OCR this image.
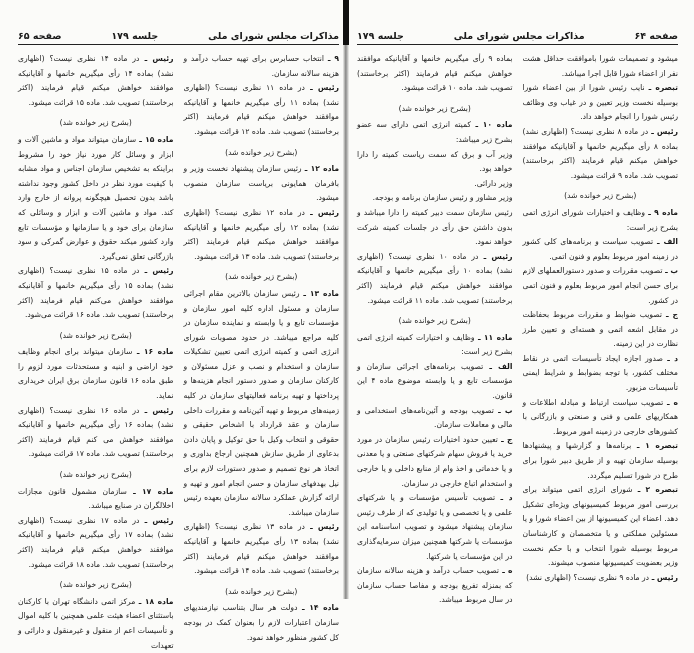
مذاکرات مجلس شورای ملی
جلسه ۱۷۹
صفحه ۶۵

۹ ـ انتخاب حسابرس برای تهیه حساب درآمد و هزینه سالانه سازمان.

رئیس ـ در ماده ۱۱ نظری نیست؟ (اظهاری نشد) بماده ۱۱ رأی میگیریم خانمها و آقایانیکه موافقند خواهش میکنم قیام فرمایند (اکثر برخاستند) تصویب شد. ماده ۱۲ قرائت میشود.

(بشرح زیر خوانده شد)

ماده ۱۲ ـ رئیس سازمان پیشنهاد نخست وزیر و بافرمان همایونی بریاست سازمان منصوب میشود.

رئیس ـ در ماده ۱۲ نظری نیست؟ (اظهاری نشد) بماده ۱۲ رأی میگیریم خانمها و آقایانیکه موافقند خواهش میکنم قیام فرمایند (اکثر برخاستند) تصویب شد. ماده ۱۳ قرائت میشود.

(بشرح زیر خوانده شد)

ماده ۱۳ ـ رئیس سازمان بالاترین مقام اجرائی سازمان و مسئول اداره کلیه امور سازمان و مؤسسات تابع و یا وابسته و نماینده سازمان در کلیه مراجع میباشد. در حدود مصوبات شورای انرژی اتمی و کمیته انرژی اتمی تعیین تشکیلات سازمان و استخدام و نصب و عزل مسئولان و کارکنان سازمان و صدور دستور انجام هزینه‌ها و پرداختها و تهیه برنامه فعالیتهای سازمان در کلیه زمینه‌های مربوط و تهیه آئین‌نامه و مقررات داخلی سازمان و عقد قرارداد با اشخاص حقیقی و حقوقی و انتخاب وکیل با حق توکیل و پایان دادن بدعاوی از طریق سازش همچنین ارجاع بداوری و اتخاذ هر نوع تصمیم و صدور دستورات لازم برای نیل بهدفهای سازمان و حسن انجام امور و تهیه و ارائه گزارش عملکرد سالانه سازمان بعهده رئیس سازمان میباشد.

رئیس ـ در ماده ۱۳ نظری نیست؟ (اظهاری نشد) بماده ۱۳ رأی میگیریم خانمها و آقایانیکه موافقند خواهش میکنم قیام فرمایند (اکثر برخاستند) تصویب شد. ماده ۱۴ قرائت میشود.

(بشرح زیر خوانده شد)

ماده ۱۴ ـ دولت هر سال بتناسب نیازمندیهای سازمان اعتبارات لازم را بعنوان کمک در بودجه کل کشور منظور خواهد نمود.

رئیس ـ در ماده ۱۴ نظری نیست؟ (اظهاری نشد) بماده ۱۴ رأی میگیریم خانمها و آقایانیکه موافقند خواهش میکنم قیام فرمایند (اکثر برخاستند) تصویب شد. ماده ۱۵ قرائت میشود.

(بشرح زیر خوانده شد)

ماده ۱۵ ـ سازمان میتواند مواد و ماشین آلات و ابزار و وسائل کار مورد نیاز خود را مشروط براینکه به تشخیص سازمان اجناس و مواد مشابه با کیفیت مورد نظر در داخل کشور وجود نداشته باشد بدون تحصیل هیچگونه پروانه از خارج وارد کند. مواد و ماشین آلات و ابزار و وسائلی که سازمان برای خود و یا سازمانها و مؤسسات تابع وارد کشور میکند حقوق و عوارض گمرکی و سود بازرگانی تعلق نمی‌گیرد.

رئیس ـ در ماده ۱۵ نظری نیست؟ (اظهاری نشد) بماده ۱۵ رأی میگیریم خانمها و آقایانیکه موافقند خواهش می‌کنم قیام فرمایند (اکثر برخاستند) تصویب شد. ماده ۱۶ قرائت می‌شود.

(بشرح زیر خوانده شد)

ماده ۱۶ ـ سازمان میتواند برای انجام وظایف خود اراضی و ابنیه و مستحدثات مورد لزوم را طبق ماده ۱۶ قانون سازمان برق ایران خریداری نماید.

رئیس ـ در ماده ۱۶ نظری نیست؟ (اظهاری نشد) بماده ۱۶ رأی میگیریم خانمها و آقایانیکه موافقند خواهش می کنم قیام فرمایند (اکثر برخاستند) تصویب شد. ماده ۱۷ قرائت میشود.

(بشرح زیر خوانده شد)

ماده ۱۷ ـ سازمان مشمول قانون مجازات اخلالگران در صنایع میباشد.

رئیس ـ در ماده ۱۷ نظری نیست؟ (اظهاری نشد) بماده ۱۷ رأی میگیریم خانمها و آقایانیکه موافقند خواهش میکنم قیام فرمایند (اکثر برخاستند) تصویب شد. ماده ۱۸ قرائت میشود.

(بشرح زیر خوانده شد)

ماده ۱۸ ـ مرکز اتمی دانشگاه تهران با کارکنان باستثنای اعضاء هیئت علمی همچنین با کلیه اموال و تأسیسات اعم از منقول و غیرمنقول و دارائی و تعهدات

صفحه ۶۴
مذاکرات مجلس شورای ملی
جلسه ۱۷۹

میشود و تصمیمات شورا باموافقت حداقل هشت نفر از اعضاء شورا قابل اجرا میباشد.

تبصره ـ نایب رئیس شورا از بین اعضاء شورا بوسیله نخست وزیر تعیین و در غیاب وی وظائف رئیس شورا را انجام خواهد داد.

رئیس ـ در ماده ۸ نظری نیست؟ (اظهاری نشد) بماده ۸ رأی میگیریم خانمها و آقایانیکه موافقند خواهش میکنم قیام فرمایند (اکثر برخاستند) تصویب شد. ماده ۹ قرائت میشود.

(بشرح زیر خوانده شد)

ماده ۹ ـ وظایف و اختیارات شورای انرژی اتمی بشرح زیر است:

الف ـ تصویب سیاست و برنامه‌های کلی کشور در زمینه امور مربوط بعلوم و فنون اتمی.

ب ـ تصویب مقررات و صدور دستورالعملهای لازم برای حسن انجام امور مربوط بعلوم و فنون اتمی در کشور.

ج ـ تصویب ضوابط و مقررات مربوط بحفاظت در مقابل اشعه اتمی و هسته‌ای و تعیین طرز نظارت در این زمینه.

د ـ صدور اجازه ایجاد تأسیسات اتمی در نقاط مختلف کشور، با توجه بضوابط و شرایط ایمنی تأسیسات مزبور.

ه ـ تصویب سیاست ارتباط و مبادله اطلاعات و همکاریهای علمی و فنی و صنعتی و بازرگانی با کشورهای خارجی در زمینه امور مربوط.

تبصره ۱ ـ برنامه‌ها و گزارشها و پیشنهادها بوسیله سازمان تهیه و از طریق دبیر شورا برای طرح در شورا تسلیم میگردد.

تبصره ۲ ـ شورای انرژی اتمی میتواند برای بررسی امور مربوط کمیسیونهای ویژه‌ای تشکیل دهد. اعضاء این کمیسیونها از بین اعضاء شورا و یا مسئولین مملکتی و یا متخصصان و کارشناسان مربوط بوسیله شورا انتخاب و با حکم نخست وزیر بعضویت کمیسیونها منصوب میشوند.

رئیس ـ در ماده ۹ نظری نیست؟ (اظهاری نشد)

بماده ۹ رأی میگیریم خانمها و آقایانیکه موافقند خواهش میکنم قیام فرمایند (اکثر برخاستند) تصویب شد. ماده ۱۰ قرائت میشود.

(بشرح زیر خوانده شد)

ماده ۱۰ ـ کمیته انرژی اتمی دارای سه عضو بشرح زیر میباشد:

وزیر آب و برق که سمت ریاست کمیته را دارا خواهد بود.

وزیر دارائی.

وزیر مشاور و رئیس سازمان برنامه و بودجه.

رئیس سازمان سمت دبیر کمیته را دارا میباشد و بدون داشتن حق رأی در جلسات کمیته شرکت خواهد نمود.

رئیس ـ در ماده ۱۰ نظری نیست؟ (اظهاری نشد) بماده ۱۰ رأی میگیریم خانمها و آقایانیکه موافقند خواهش میکنم قیام فرمایند (اکثر برخاستند) تصویب شد. ماده ۱۱ قرائت میشود.

(بشرح زیر خوانده شد)

ماده ۱۱ ـ وظایف و اختیارات کمیته انرژی اتمی بشرح زیر است:

الف ـ تصویب برنامه‌های اجرائی سازمان و مؤسسات تابع و یا وابسته موضوع ماده ۴ این قانون.

ب ـ تصویب بودجه و آئین‌نامه‌های استخدامی و مالی و معاملات سازمان.

ج ـ تعیین حدود اختیارات رئیس سازمان در مورد خرید یا فروش سهام شرکتهای صنعتی و یا معدنی و یا خدماتی و اخذ وام از منابع داخلی و یا خارجی و استخدام اتباع خارجی در سازمان.

د ـ تصویب تأسیس مؤسسات و یا شرکتهای علمی و یا تخصصی و یا تولیدی که از طرف رئیس سازمان پیشنهاد میشود و تصویب اساسنامه این مؤسسات یا شرکتها همچنین میزان سرمایه‌گذاری در این مؤسسات یا شرکتها.

ه ـ تصویب حساب درآمد و هزینه سالانه سازمان که بمنزله تفریغ بودجه و مفاصا حساب سازمان در سال مربوط میباشد.
